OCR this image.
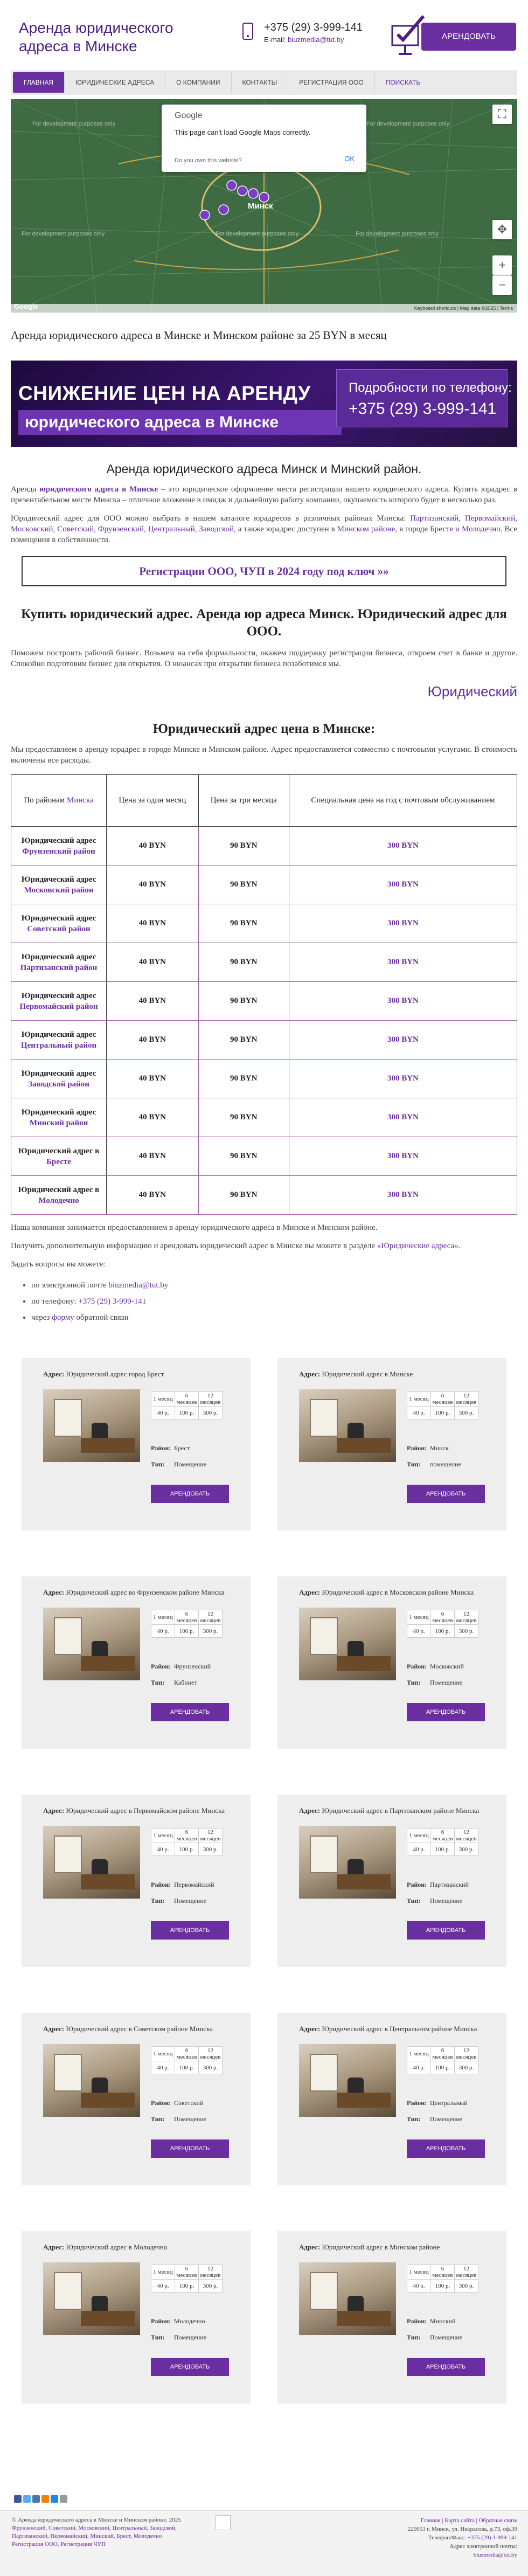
Аренда юридического адреса в Минске
+375 (29) 3-999-141
E-mail: biuzmedia@tut.by	АРЕНДОВАТЬ
ГЛАВНАЯ	ЮРИДИЧЕСКИЕ АДРЕСА	О КОМПАНИИ	КОНТАКТЫ	РЕГИСТРАЦИЯ ООО	ПОИСКАТЬ
For development purposes only	For development purposes only
For development purposes only	For development purposes only	For development purposes only
Минск
Google
This page can't load Google Maps correctly.
Do you own this website?	OK
⛶
✥
+
−
Keyboard shortcuts | Map data ©2025 | Terms
Аренда юридического адреса в Минске и Минском районе за 25 BYN в месяц
СНИЖЕНИЕ ЦЕН НА АРЕНДУ
юридического адреса в Минске
Подробности по телефону:
+375 (29) 3-999-141
Аренда юридического адреса Минск и Минский район.

Аренда юридического адреса в Минске – это юридическое оформление места регистрации вашего юридического адреса. Купить юрадрес в презентабельном месте Минска – отличное вложение в имидж и дальнейшую работу компании, окупаемость которого будет в несколько раз.

Юридический адрес для ООО можно выбрать в нашем каталоге юрадресов в различных районах Минска: Партизанский, Первомайский, Московский, Советский, Фрунзенский, Центральный, Заводской, а также юрадрес доступен в Минском районе, в городе Бресте и Молодечно. Все помещения в собственности.

Регистрации ООО, ЧУП в 2024 году под ключ »»
Купить юридический адрес. Аренда юр адреса Минск. Юридический адрес для ООО.

Поможем построить рабочий бизнес. Возьмем на себя формальности, окажем поддержку регистрации бизнеса, откроем счет в банке и другое. Спокойно подготовим бизнес для открытия. О нюансах при открытии бизнеса позаботимся мы.

Юридический
Юридический адрес цена в Минске:

Мы предоставляем в аренду юрадрес в городе Минске и Минском районе. Адрес предоставляется совместно с почтовыми услугами. В стоимость включены все расходы.

По районам Минска	Цена за один месяц	Цена за три месяца	Специальная цена на год с почтовым обслуживанием
Юридический адрес
Фрунзенский район	40 BYN	90 BYN	300 BYN
Юридический адрес
Московский район	40 BYN	90 BYN	300 BYN
Юридический адрес
Советский район	40 BYN	90 BYN	300 BYN
Юридический адрес
Партизанский район	40 BYN	90 BYN	300 BYN
Юридический адрес
Первомайский район	40 BYN	90 BYN	300 BYN
Юридический адрес
Центральный район	40 BYN	90 BYN	300 BYN
Юридический адрес
Заводской район	40 BYN	90 BYN	300 BYN
Юридический адрес
Минский район	40 BYN	90 BYN	300 BYN
Юридический адрес в
Бресте	40 BYN	90 BYN	300 BYN
Юридический адрес в
Молодечно	40 BYN	90 BYN	300 BYN

Наша компания занимается предоставлением в аренду юридического адреса в Минске и Минском районе.

Получить дополнительную информацию и арендовать юридический адрес в Минске вы можете в разделе «Юридические адреса».

Задать вопросы вы можете:

• по электронной почте biuzmedia@tut.by
• по телефону: +375 (29) 3-999-141
• через форму обратной связи
Адрес: Юридический адрес город Брест
1 месяц	6 месяцев	12 месяцев
40 р.	100 р.	300 р.
Район: Брест
Тип: Помещение
АРЕНДОВАТЬ
Адрес: Юридический адрес в Минске
1 месяц	6 месяцев	12 месяцев
40 р.	100 р.	300 р.
Район: Минск
Тип: помещение
АРЕНДОВАТЬ
Адрес: Юридический адрес во Фрунзенском районе Минска
1 месяц	6 месяцев	12 месяцев
40 р.	100 р.	300 р.
Район: Фрунзенский
Тип: Кабинет
АРЕНДОВАТЬ
Адрес: Юридический адрес в Московском районе Минска
1 месяц	6 месяцев	12 месяцев
40 р.	100 р.	300 р.
Район: Московский
Тип: Помещение
АРЕНДОВАТЬ
Адрес: Юридический адрес в Первомайском районе Минска
1 месяц	6 месяцев	12 месяцев
40 р.	100 р.	300 р.
Район: Первомайский
Тип: Помещение
АРЕНДОВАТЬ
Адрес: Юридический адрес в Партизанском районе Минска
1 месяц	6 месяцев	12 месяцев
40 р.	100 р.	300 р.
Район: Партизанский
Тип: Помещение
АРЕНДОВАТЬ
Адрес: Юридический адрес в Советском районе Минска
1 месяц	6 месяцев	12 месяцев
40 р.	100 р.	300 р.
Район: Советский
Тип: Помещение
АРЕНДОВАТЬ
Адрес: Юридический адрес в Центральном районе Минска
1 месяц	6 месяцев	12 месяцев
40 р.	100 р.	300 р.
Район: Центральный
Тип: Помещение
АРЕНДОВАТЬ
Адрес: Юридический адрес в Молодечно
1 месяц	6 месяцев	12 месяцев
40 р.	100 р.	300 р.
Район: Молодечно
Тип: Помещение
АРЕНДОВАТЬ
Адрес: Юридический адрес в Минском районе
1 месяц	6 месяцев	12 месяцев
40 р.	100 р.	300 р.
Район: Минский
Тип: Помещение
АРЕНДОВАТЬ
© Аренда юридического адреса в Минске и Минском районе. 2025
Фрунзенский, Советский, Московский, Центральный, Заводской, Партизанский, Первомайский, Минский, Брест, Молодечно
Регистрация ООО, Регистрация ЧУП
Главная | Карта сайта | Обратная связь
220053 г. Минск, ул. Некрасова, д.73, оф.39
Телефон/Факс: +375 (29) 3-999-141
Адрес электронной почты:
biuzmedia@tut.by
